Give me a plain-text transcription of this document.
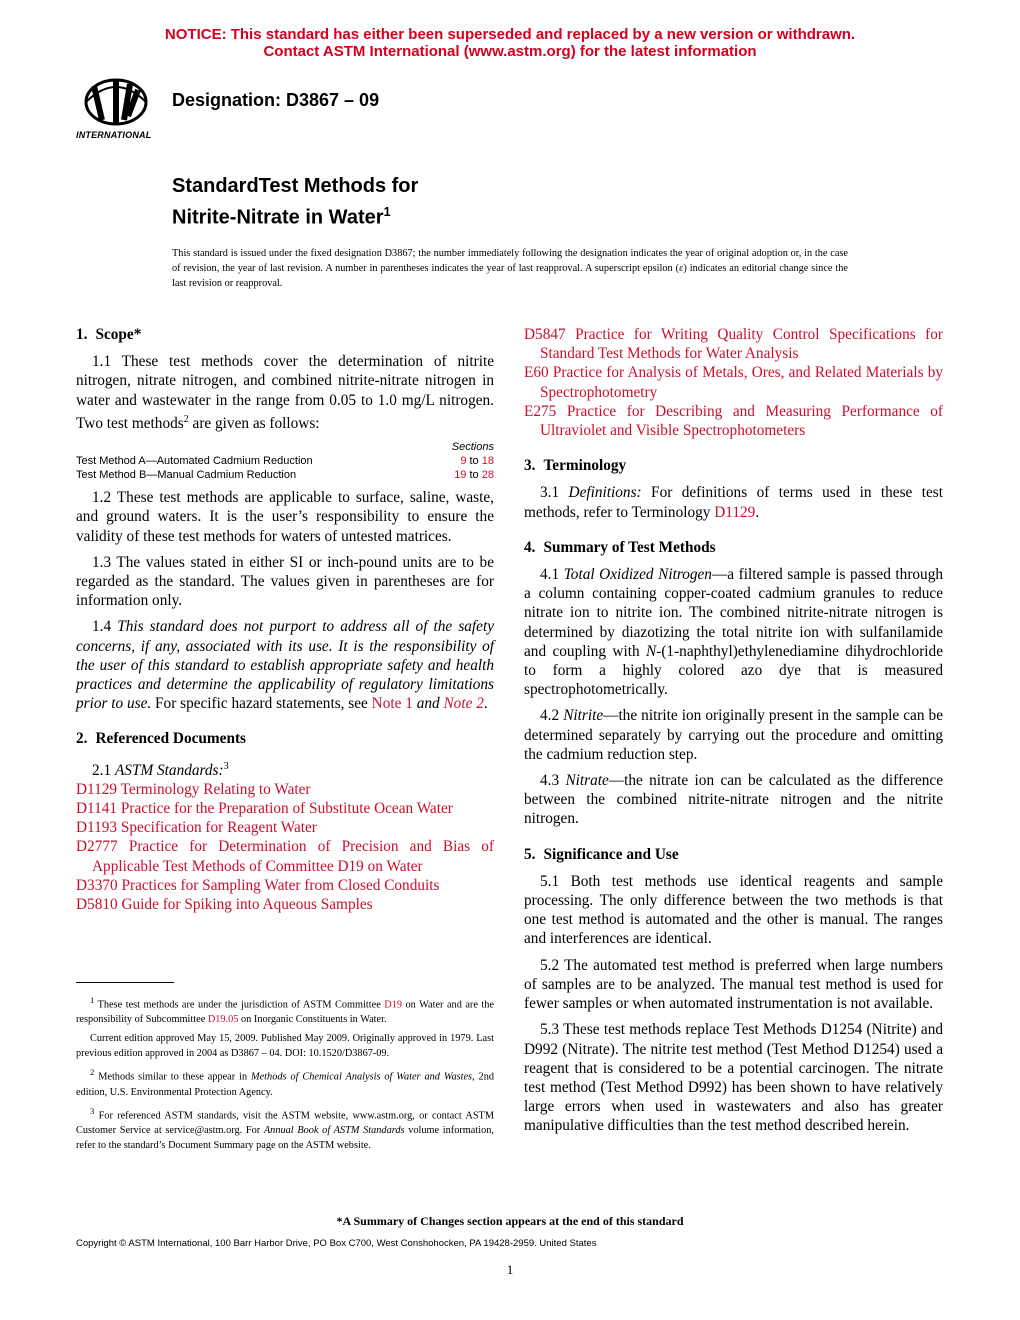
NOTICE: This standard has either been superseded and replaced by a new version or withdrawn.
Contact ASTM International (www.astm.org) for the latest information
INTERNATIONAL
Designation: D3867 – 09
StandardTest Methods for
Nitrite-Nitrate in Water$^1$
This standard is issued under the fixed designation D3867; the number immediately following the designation indicates the year of original adoption or, in the case of revision, the year of last revision. A number in parentheses indicates the year of last reapproval. A superscript epsilon (ε) indicates an editorial change since the last revision or reapproval.
1. Scope*

1.1 These test methods cover the determination of nitrite nitrogen, nitrate nitrogen, and combined nitrite-nitrate nitrogen in water and wastewater in the range from 0.05 to 1.0 mg/L nitrogen. Two test methods$^2$ are given as follows:

Sections
Test Method A—Automated Cadmium Reduction	9 to 18
Test Method B—Manual Cadmium Reduction	19 to 28

1.2 These test methods are applicable to surface, saline, waste, and ground waters. It is the user’s responsibility to ensure the validity of these test methods for waters of untested matrices.

1.3 The values stated in either SI or inch-pound units are to be regarded as the standard. The values given in parentheses are for information only.

1.4 This standard does not purport to address all of the safety concerns, if any, associated with its use. It is the responsibility of the user of this standard to establish appropriate safety and health practices and determine the applicability of regulatory limitations prior to use. For specific hazard statements, see Note 1 and Note 2.

2. Referenced Documents

2.1 ASTM Standards:$^3$

D1129 Terminology Relating to Water
D1141 Practice for the Preparation of Substitute Ocean Water
D1193 Specification for Reagent Water
D2777 Practice for Determination of Precision and Bias of Applicable Test Methods of Committee D19 on Water
D3370 Practices for Sampling Water from Closed Conduits
D5810 Guide for Spiking into Aqueous Samples

$^1$ These test methods are under the jurisdiction of ASTM Committee D19 on Water and are the responsibility of Subcommittee D19.05 on Inorganic Constituents in Water.

Current edition approved May 15, 2009. Published May 2009. Originally approved in 1979. Last previous edition approved in 2004 as D3867 – 04. DOI: 10.1520/D3867-09.

$^2$ Methods similar to these appear in Methods of Chemical Analysis of Water and Wastes, 2nd edition, U.S. Environmental Protection Agency.

$^3$ For referenced ASTM standards, visit the ASTM website, www.astm.org, or contact ASTM Customer Service at service@astm.org. For Annual Book of ASTM Standards volume information, refer to the standard’s Document Summary page on the ASTM website.

D5847 Practice for Writing Quality Control Specifications for Standard Test Methods for Water Analysis
E60 Practice for Analysis of Metals, Ores, and Related Materials by Spectrophotometry
E275 Practice for Describing and Measuring Performance of Ultraviolet and Visible Spectrophotometers
3. Terminology

3.1 Definitions: For definitions of terms used in these test methods, refer to Terminology D1129.

4. Summary of Test Methods

4.1 Total Oxidized Nitrogen—a filtered sample is passed through a column containing copper-coated cadmium granules to reduce nitrate ion to nitrite ion. The combined nitrite-nitrate nitrogen is determined by diazotizing the total nitrite ion with sulfanilamide and coupling with N-(1-naphthyl)ethylenediamine dihydrochloride to form a highly colored azo dye that is measured spectrophotometrically.

4.2 Nitrite—the nitrite ion originally present in the sample can be determined separately by carrying out the procedure and omitting the cadmium reduction step.

4.3 Nitrate—the nitrate ion can be calculated as the difference between the combined nitrite-nitrate nitrogen and the nitrite nitrogen.

5. Significance and Use

5.1 Both test methods use identical reagents and sample processing. The only difference between the two methods is that one test method is automated and the other is manual. The ranges and interferences are identical.

5.2 The automated test method is preferred when large numbers of samples are to be analyzed. The manual test method is used for fewer samples or when automated instrumentation is not available.

5.3 These test methods replace Test Methods D1254 (Nitrite) and D992 (Nitrate). The nitrite test method (Test Method D1254) used a reagent that is considered to be a potential carcinogen. The nitrate test method (Test Method D992) has been shown to have relatively large errors when used in wastewaters and also has greater manipulative difficulties than the test method described herein.

*A Summary of Changes section appears at the end of this standard
Copyright © ASTM International, 100 Barr Harbor Drive, PO Box C700, West Conshohocken, PA 19428-2959. United States
1
